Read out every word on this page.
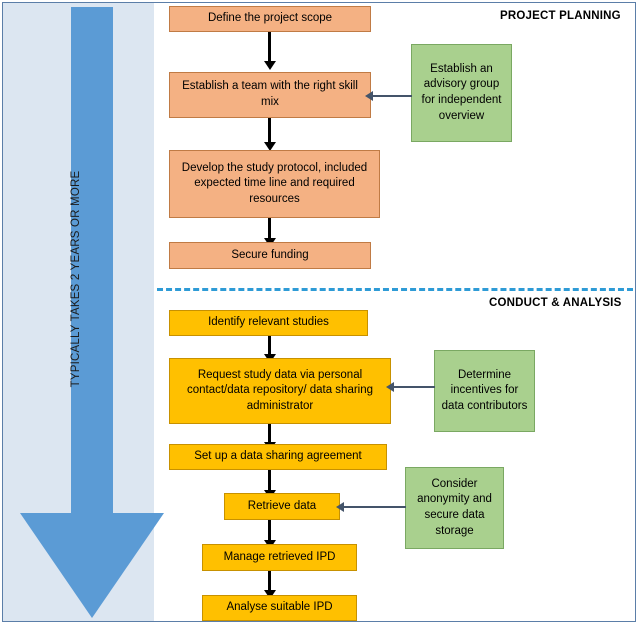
TYPICALLY TAKES 2 YEARS OR MORE
PROJECT PLANNING
CONDUCT & ANALYSIS
Define the project scope
Establish a team with the right skill mix
Develop the study protocol, included expected time line and required resources
Secure funding
Establish an advisory group for independent overview
Identify relevant studies
Request study data via personal contact/data repository/ data sharing administrator
Set up a data sharing agreement
Retrieve data
Manage retrieved IPD
Analyse suitable IPD
Determine incentives for data contributors
Consider anonymity and secure data storage
